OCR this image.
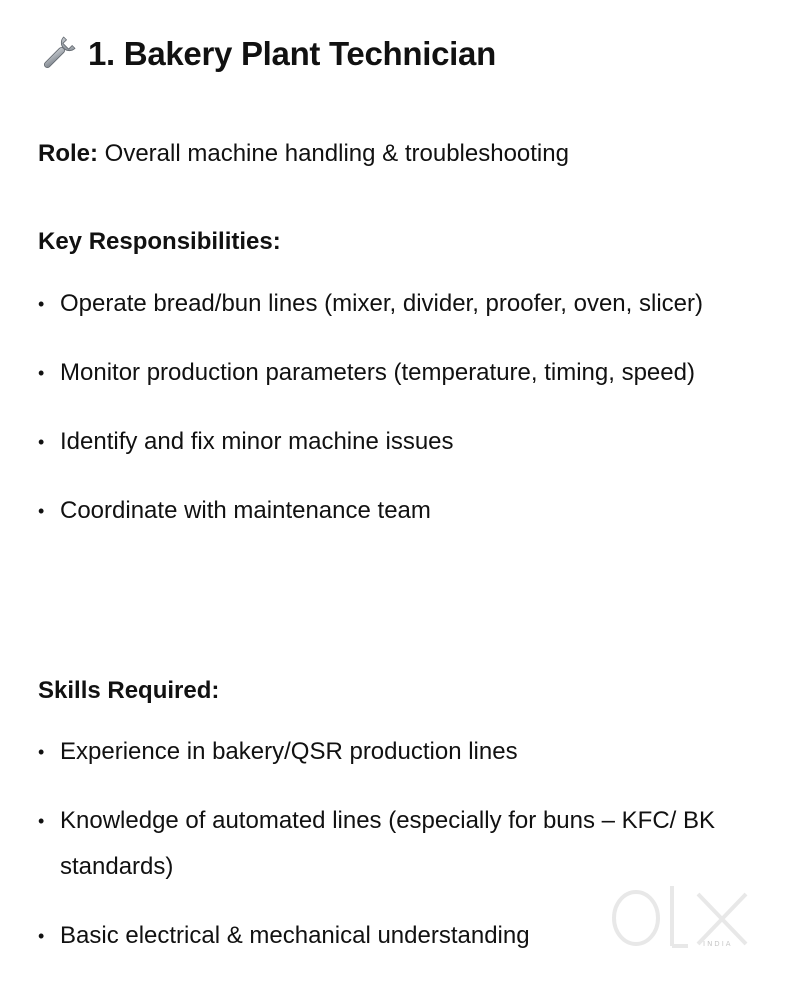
1. Bakery Plant Technician
Role: Overall machine handling & troubleshooting
Key Responsibilities:
• Operate bread/bun lines (mixer, divider, proofer, oven, slicer)
• Monitor production parameters (temperature, timing, speed)
• Identify and fix minor machine issues
• Coordinate with maintenance team
Skills Required:
• Experience in bakery/QSR production lines
• Knowledge of automated lines (especially for buns – KFC/ BK standards)
• Basic electrical & mechanical understanding	INDIA
